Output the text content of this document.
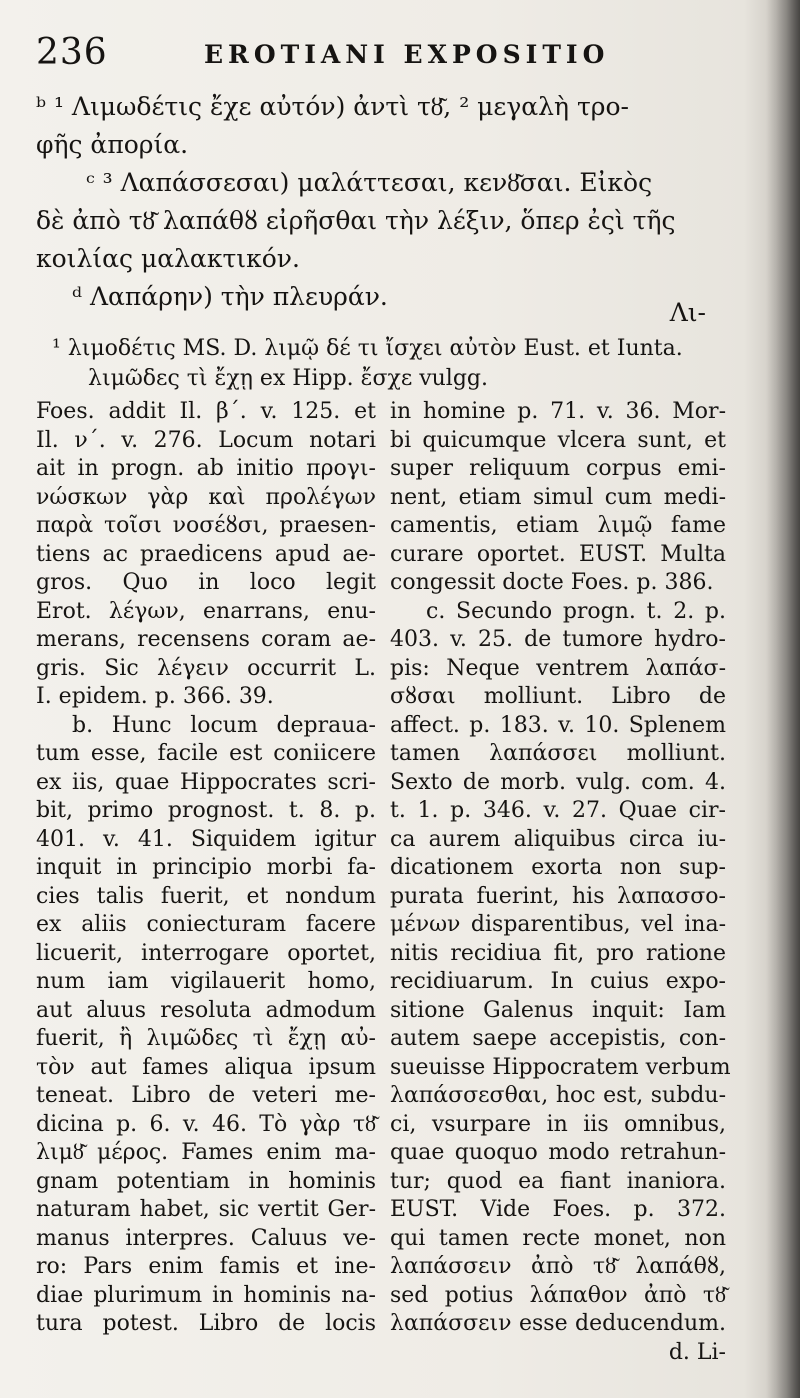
236	EROTIANI EXPOSITIO
ᵇ ¹ Λιμωδέτις ἔχε αὐτόν) ἀντὶ τȣ͂, ² μεγαλὴ τρο-
φῆς ἀπορία.
ᶜ ³ Λαπάσσεσαι) μαλάττεσαι, κενȣ͂σαι. Εἰκὸς
δὲ ἀπὸ τȣ͂ λαπάθȣ εἰρῆσθαι τὴν λέξιν, ὅπερ ἐςὶ τῆς
κοιλίας μαλακτικόν.
ᵈ Λαπάρην) τὴν πλευράν.
Λι-
¹ λιμοδέτις MS. D. λιμῷ δέ τι ἴσχει αὐτὸν Eust. et Iunta.
λιμῶδες τὶ ἔχῃ ex Hipp. ἔσχε vulgg.
Foes. addit Il. β΄. v. 125. et
Il. ν΄. v. 276. Locum notari
ait in progn. ab initio προγι-
νώσκων γὰρ καὶ προλέγων
παρὰ τοῖσι νοσέȣσι, praesen-
tiens ac praedicens apud ae-
gros. Quo in loco legit
Erot. λέγων, enarrans, enu-
merans, recensens coram ae-
gris. Sic λέγειν occurrit L.
I. epidem. p. 366. 39.
b. Hunc locum deprauа-
tum esse, facile est coniicere
ex iis, quae Hippocrates scri-
bit, primo prognost. t. 8. p.
401. v. 41. Siquidem igitur
inquit in principio morbi fa-
cies talis fuerit, et nondum
ex aliis coniecturam facere
licuerit, interrogare oportet,
num iam vigilauerit homo,
aut aluus resoluta admodum
fuerit, ἢ λιμῶδες τὶ ἔχῃ αὐ-
τὸν aut fames aliqua ipsum
teneat. Libro de veteri me-
dicina p. 6. v. 46. Τὸ γὰρ τȣ͂
λιμȣ͂ μέρος. Fames enim ma-
gnam potentiam in hominis
naturam habet, sic vertit Ger-
manus interpres. Caluus ve-
ro: Pars enim famis et ine-
diae plurimum in hominis na-
tura potest. Libro de locis
in homine p. 71. v. 36. Mor-
bi quicumque vlcera sunt, et
super reliquum corpus emi-
nent, etiam simul cum medi-
camentis, etiam λιμῷ fame
curare oportet. EUST. Multa
congessit docte Foes. p. 386.
c. Secundo progn. t. 2. p.
403. v. 25. de tumore hydro-
pis: Neque ventrem λαπάσ-
σȣσαι molliunt. Libro de
affect. p. 183. v. 10. Splenem
tamen λαπάσσει molliunt.
Sexto de morb. vulg. com. 4.
t. 1. p. 346. v. 27. Quae cir-
ca aurem aliquibus circa iu-
dicationem exorta non sup-
purata fuerint, his λαπασσο-
μένων disparentibus, vel ina-
nitis recidiua fit, pro ratione
recidiuarum. In cuius expo-
sitione Galenus inquit: Iam
autem saepe accepistis, con-
sueuisse Hippocratem verbum
λαπάσσεσθαι, hoc est, subdu-
ci, vsurpare in iis omnibus,
quae quoquo modo retrahun-
tur; quod ea fiant inaniora.
EUST. Vide Foes. p. 372.
qui tamen recte monet, non
λαπάσσειν ἀπὸ τȣ͂ λαπάθȣ,
sed potius λάπαθον ἀπὸ τȣ͂
λαπάσσειν esse deducendum.
d. Li-
